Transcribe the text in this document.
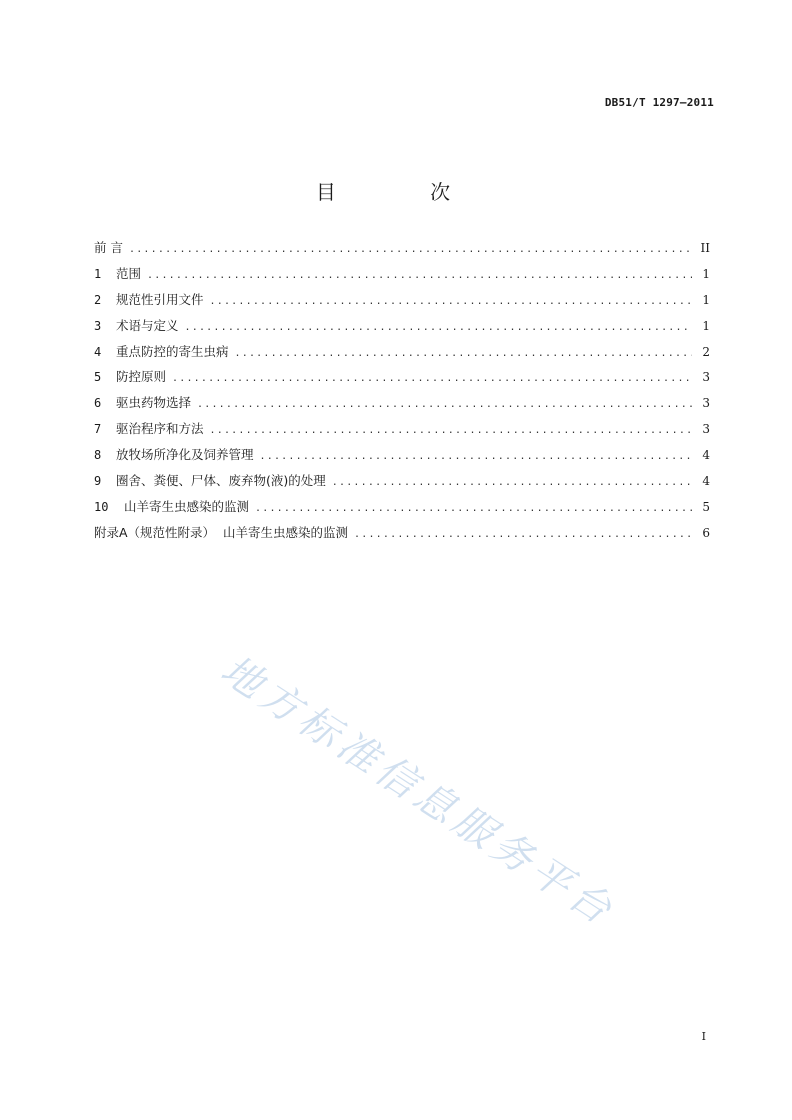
DB51/T 1297—2011
目 次
前 言 .....	II
1	范围 .....	1
2	规范性引用文件 .....	1
3	术语与定义 .....	1
4	重点防控的寄生虫病 .....	2
5	防控原则 .....	3
6	驱虫药物选择 .....	3
7	驱治程序和方法 .....	3
8	放牧场所净化及饲养管理 .....	4
9	圈舍、粪便、尸体、废弃物(液)的处理 .....	4
10	山羊寄生虫感染的监测 .....	5
附录A（规范性附录）  山羊寄生虫感染的监测 .....	6
地方标准信息服务平台
I
